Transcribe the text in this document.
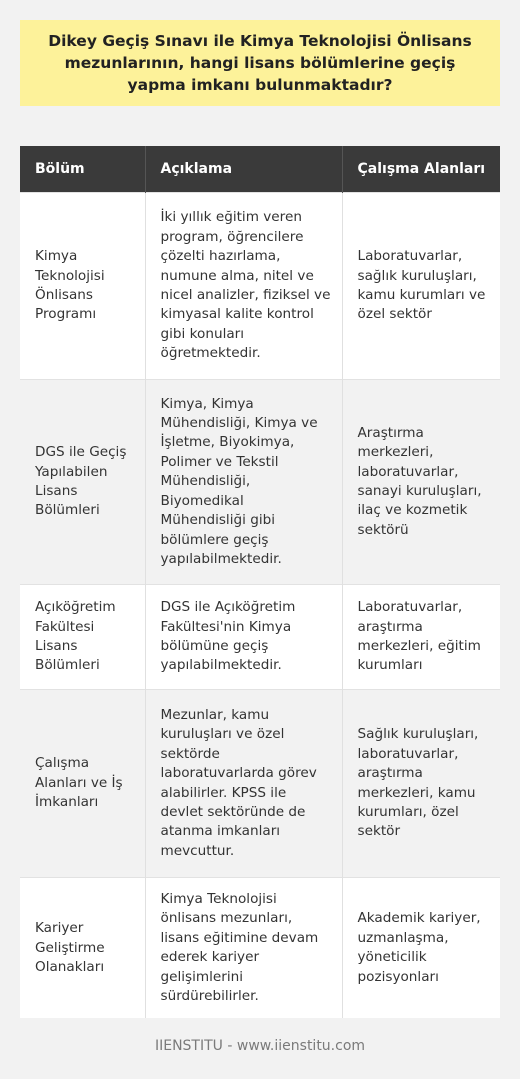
Dikey Geçiş Sınavı ile Kimya Teknolojisi Önlisans mezunlarının, hangi lisans bölümlerine geçiş yapma imkanı bulunmaktadır?
Bölüm	Açıklama	Çalışma Alanları
Kimya Teknolojisi Önlisans Programı	İki yıllık eğitim veren program, öğrencilere çözelti hazırlama, numune alma, nitel ve nicel analizler, fiziksel ve kimyasal kalite kontrol gibi konuları öğretmektedir.	Laboratuvarlar, sağlık kuruluşları, kamu kurumları ve özel sektör
DGS ile Geçiş Yapılabilen Lisans Bölümleri	Kimya, Kimya Mühendisliği, Kimya ve İşletme, Biyokimya, Polimer ve Tekstil Mühendisliği, Biyomedikal Mühendisliği gibi bölümlere geçiş yapılabilmektedir.	Araştırma merkezleri, laboratuvarlar, sanayi kuruluşları, ilaç ve kozmetik sektörü
Açıköğretim Fakültesi Lisans Bölümleri	DGS ile Açıköğretim Fakültesi'nin Kimya bölümüne geçiş yapılabilmektedir.	Laboratuvarlar, araştırma merkezleri, eğitim kurumları
Çalışma Alanları ve İş İmkanları	Mezunlar, kamu kuruluşları ve özel sektörde laboratuvarlarda görev alabilirler. KPSS ile devlet sektöründe de atanma imkanları mevcuttur.	Sağlık kuruluşları, laboratuvarlar, araştırma merkezleri, kamu kurumları, özel sektör
Kariyer Geliştirme Olanakları	Kimya Teknolojisi önlisans mezunları, lisans eğitimine devam ederek kariyer gelişimlerini sürdürebilirler.	Akademik kariyer, uzmanlaşma, yöneticilik pozisyonları
IIENSTITU - www.iienstitu.com
